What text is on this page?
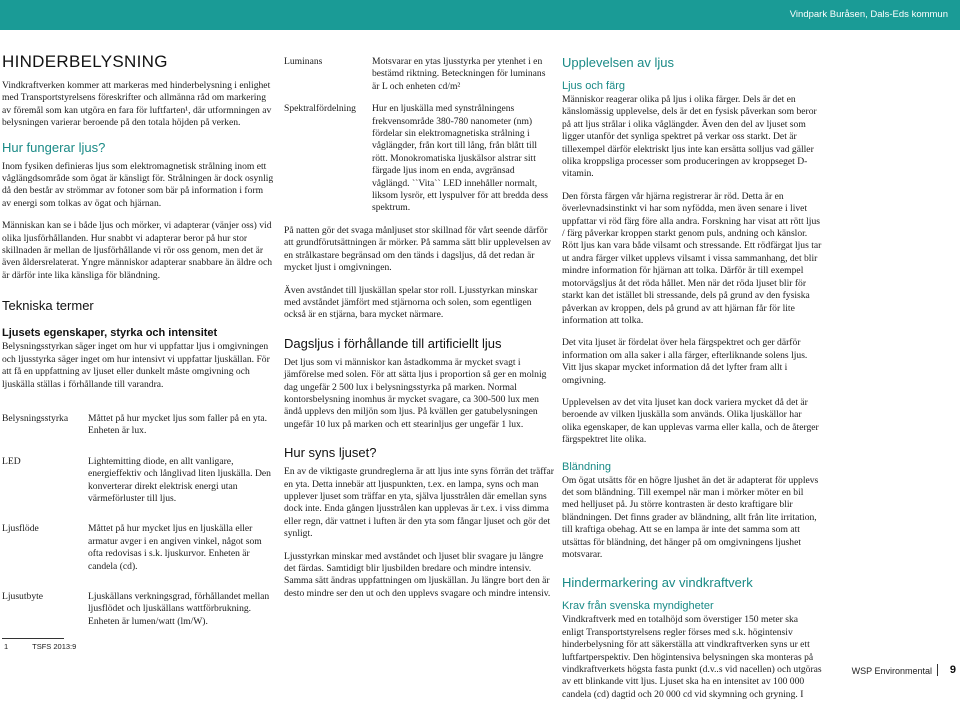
Vindpark Buråsen, Dals-Eds kommun
HINDERBELYSNING

Vindkraftverken kommer att markeras med hinderbelysning i enlighet med Transportstyrelsens föreskrifter och allmänna råd om markering av föremål som kan utgöra en fara för luftfarten¹, där utformningen av belysningen varierar beroende på den totala höjden på verken.

Hur fungerar ljus?

Inom fysiken definieras ljus som elektromagnetisk strålning inom ett våglängdsområde som ögat är känsligt för. Strålningen är dock osynlig då den består av strömmar av fotoner som bär på information i form av energi som tolkas av ögat och hjärnan.

Människan kan se i både ljus och mörker, vi adapterar (vänjer oss) vid olika ljusförhållanden. Hur snabbt vi adapterar beror på hur stor skillnaden är mellan de ljusförhållande vi rör oss genom, men det är även åldersrelaterat. Yngre människor adapterar snabbare än äldre och är därför inte lika känsliga för bländning.

Tekniska termer
Ljusets egenskaper, styrka och intensitet

Belysningsstyrkan säger inget om hur vi uppfattar ljus i omgivningen och ljusstyrka säger inget om hur intensivt vi uppfattar ljuskällan. För att få en uppfattning av ljuset eller dunkelt måste omgivning och ljuskälla ställas i förhållande till varandra.

Belysningsstyrka	Måttet på hur mycket ljus som faller på en yta. Enheten är lux.
LED	Lightemitting diode, en allt vanligare, energieffektiv och långlivad liten ljuskälla. Den konverterar direkt elektrisk energi utan värmeförluster till ljus.
Ljusflöde	Måttet på hur mycket ljus en ljuskälla eller armatur avger i en angiven vinkel, något som ofta redovisas i s.k. ljuskurvor. Enheten är candela (cd).
Ljusutbyte	Ljuskällans verkningsgrad, förhållandet mellan ljusflödet och ljuskällans wattförbrukning. Enheten är lumen/watt (lm/W).
1	TSFS 2013:9
Luminans	Motsvarar en ytas ljusstyrka per ytenhet i en bestämd riktning. Beteckningen för luminans är L och enheten cd/m²
Spektralfördelning	Hur en ljuskälla med synstrålningens frekvensområde 380-780 nanometer (nm) fördelar sin elektromagnetiska strålning i våglängder, från kort till lång, från blått till rött. Monokromatiska ljuskälsor alstrar sitt färgade ljus inom en enda, avgränsad våglängd. ``Vita`` LED innehåller normalt, liksom lysrör, ett lyspulver för att bredda dess spektrum.

På natten gör det svaga månljuset stor skillnad för vårt seende därför att grundförutsättningen är mörker. På samma sätt blir upplevelsen av en strålkastare begränsad om den tänds i dagsljus, då det redan är mycket ljust i omgivningen.

Även avståndet till ljuskällan spelar stor roll. Ljusstyrkan minskar med avståndet jämfört med stjärnorna och solen, som egentligen också är en stjärna, bara mycket närmare.

Dagsljus i förhållande till artificiellt ljus

Det ljus som vi människor kan åstadkomma är mycket svagt i jämförelse med solen. För att sätta ljus i proportion så ger en molnig dag ungefär 2 500 lux i belysningsstyrka på marken. Normal kontorsbelysning inomhus är mycket svagare, ca 300-500 lux men ändå upplevs den miljön som ljus. På kvällen ger gatubelysningen ungefär 10 lux på marken och ett stearinljus ger ungefär 1 lux.

Hur syns ljuset?

En av de viktigaste grundreglerna är att ljus inte syns förrän det träffar en yta. Detta innebär att ljuspunkten, t.ex. en lampa, syns och man upplever ljuset som träffar en yta, själva ljusstrålen där emellan syns dock inte. Enda gången ljusstrålen kan upplevas är t.ex. i viss dimma eller regn, där vattnet i luften är den yta som fångar ljuset och gör det synligt.

Ljusstyrkan minskar med avståndet och ljuset blir svagare ju längre det färdas. Samtidigt blir ljusbilden bredare och mindre intensiv. Samma sätt ändras uppfattningen om ljuskällan. Ju längre bort den är desto mindre ser den ut och den upplevs svagare och mindre intensiv.

Upplevelsen av ljus
Ljus och färg

Människor reagerar olika på ljus i olika färger. Dels är det en känslomässig upplevelse, dels är det en fysisk påverkan som beror på att ljus strålar i olika våglängder. Även den del av ljuset som ligger utanför det synliga spektret på verkar oss starkt. Det är tillexempel därför elektriskt ljus inte kan ersätta solljus vad gäller olika kroppsliga processer som produceringen av kroppseget D-vitamin.

Den första färgen vår hjärna registrerar är röd. Detta är en överlevnadsinstinkt vi har som nyfödda, men även senare i livet uppfattar vi röd färg före alla andra. Forskning har visat att rött ljus / färg påverkar kroppen starkt genom puls, andning och känslor. Rött ljus kan vara både vilsamt och stressande. Ett rödfärgat ljus tar ut andra färger vilket upplevs vilsamt i vissa sammanhang, det blir mindre information för hjärnan att tolka. Därför är till exempel motorvägsljus åt det röda hållet. Men när det röda ljuset blir för starkt kan det istället bli stressande, dels på grund av den fysiska påverkan av kroppen, dels på grund av att hjärnan får för lite information att tolka.

Det vita ljuset är fördelat över hela färgspektret och ger därför information om alla saker i alla färger, efterliknande solens ljus. Vitt ljus skapar mycket information då det lyfter fram allt i omgivning.

Upplevelsen av det vita ljuset kan dock variera mycket då det är beroende av vilken ljuskälla som används. Olika ljuskällor har olika egenskaper, de kan upplevas varma eller kalla, och de återger färgspektret lite olika.

Bländning

Om ögat utsätts för en högre ljushet än det är adapterat för upplevs det som bländning. Till exempel när man i mörker möter en bil med helljuset på. Ju större kontrasten är desto kraftigare blir bländningen. Det finns grader av bländning, allt från lite irritation, till kraftiga obehag. Att se en lampa är inte det samma som att utsättas för bländning, det hänger på om omgivningens ljushet motsvarar.

Hindermarkering av vindkraftverk
Krav från svenska myndigheter

Vindkraftverk med en totalhöjd som överstiger 150 meter ska enligt Transportstyrelsens regler förses med s.k. högintensiv hinderbelysning för att säkerställa att vindkraftverken syns ur ett luftfartperspektiv. Den högintensiva belysningen ska monteras på vindkraftverkets högsta fasta punkt (d.v..s vid nacellen) och utgöras av ett blinkande vitt ljus. Ljuset ska ha en intensitet av 100 000 candela (cd) dagtid och 20 000 cd vid skymning och gryning. I

WSP Environmental 9
